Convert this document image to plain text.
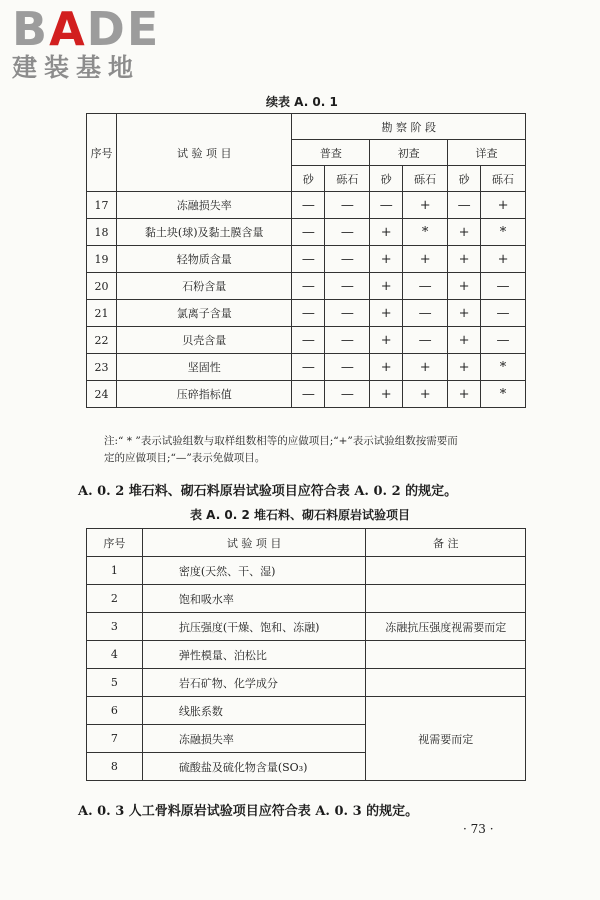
BADE
建装基地
续表 A. 0. 1
序号	试 验 项 目	勘 察 阶 段					
		普查		初查		详查	
		砂	砾石	砂	砾石	砂	砾石
17	冻融损失率	—	—	—	+	—	+
18	黏土块(球)及黏土膜含量	—	—	+	*	+	*
19	轻物质含量	—	—	+	+	+	+
20	石粉含量	—	—	+	—	+	—
21	氯离子含量	—	—	+	—	+	—
22	贝壳含量	—	—	+	—	+	—
23	坚固性	—	—	+	+	+	*
24	压碎指标值	—	—	+	+	+	*
注:“ * ”表示试验组数与取样组数相等的应做项目;“+”表示试验组数按需要而
定的应做项目;“—”表示免做项目。
A. 0. 2 堆石料、砌石料原岩试验项目应符合表 A. 0. 2 的规定。
表 A. 0. 2 堆石料、砌石料原岩试验项目
序号	试 验 项 目	备 注
1	密度(天然、干、湿)	
2	饱和吸水率	
3	抗压强度(干燥、饱和、冻融)	冻融抗压强度视需要而定
4	弹性模量、泊松比	
5	岩石矿物、化学成分	
6	线胀系数	视需要而定
7	冻融损失率	
8	硫酸盐及硫化物含量(SO₃)	
A. 0. 3 人工骨料原岩试验项目应符合表 A. 0. 3 的规定。
· 73 ·
